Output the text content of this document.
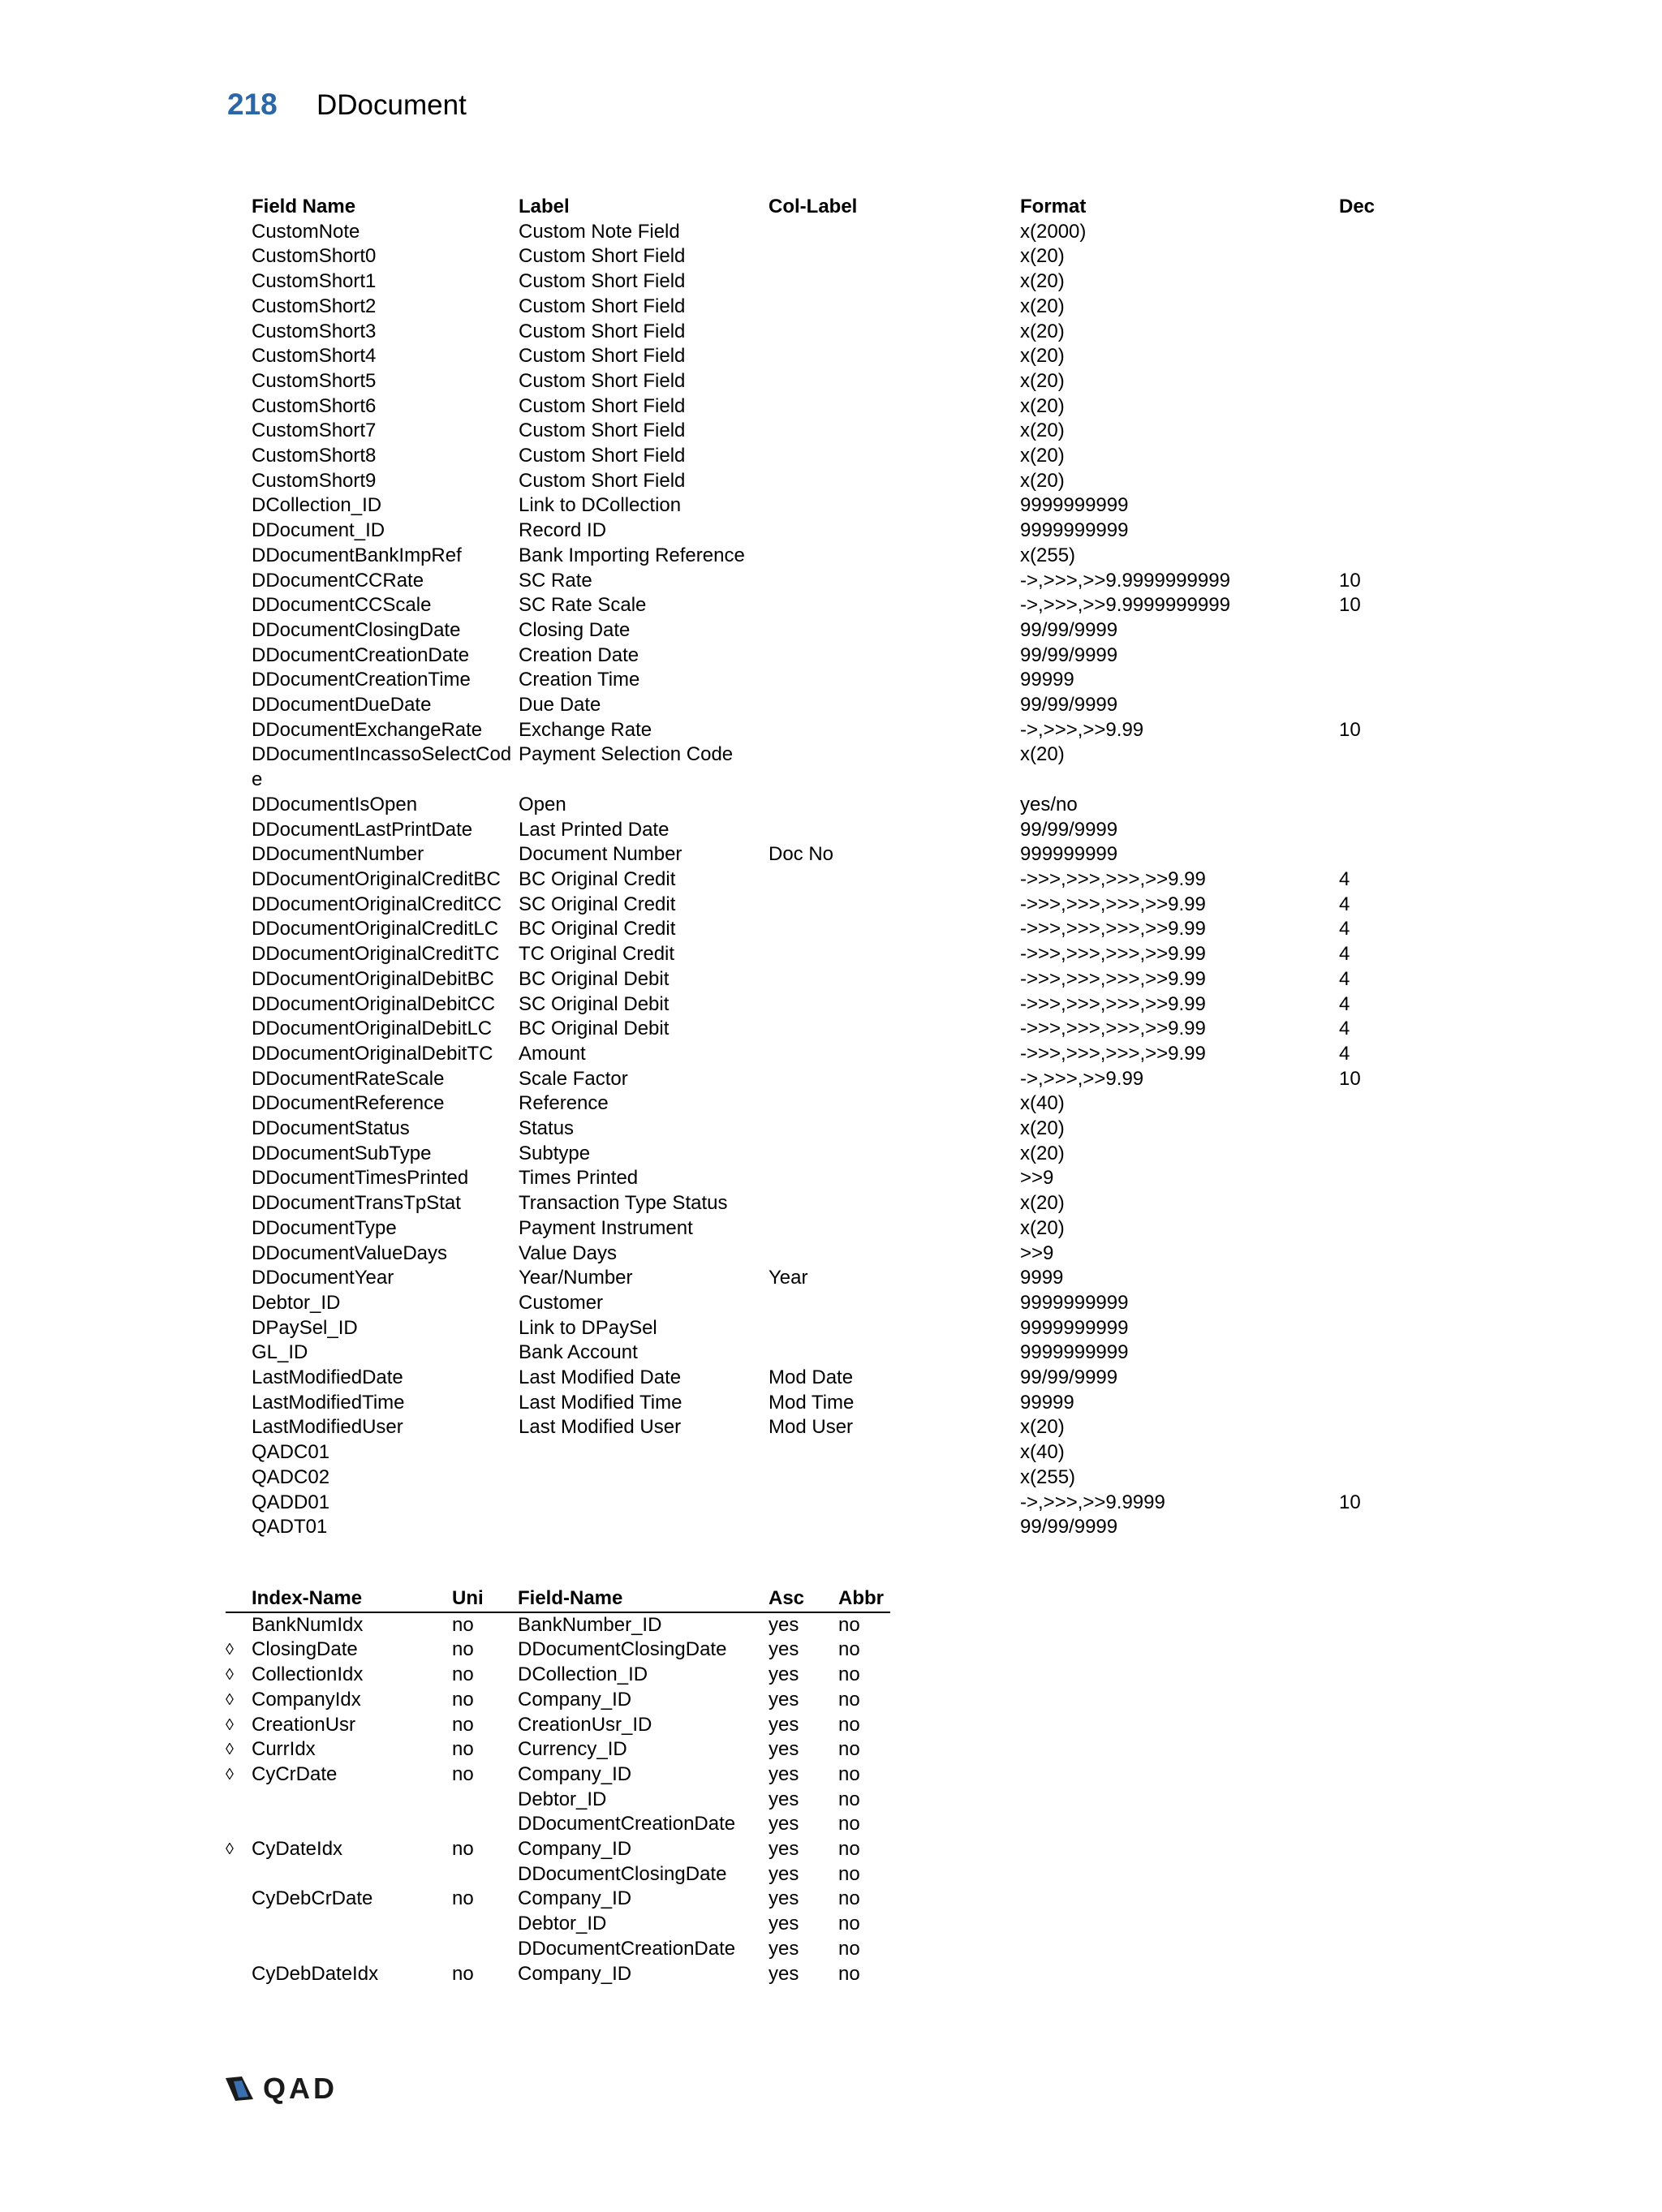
218	DDocument
Field Name	Label	Col-Label	Format	Dec
CustomNote	Custom Note Field		x(2000)	
CustomShort0	Custom Short Field		x(20)	
CustomShort1	Custom Short Field		x(20)	
CustomShort2	Custom Short Field		x(20)	
CustomShort3	Custom Short Field		x(20)	
CustomShort4	Custom Short Field		x(20)	
CustomShort5	Custom Short Field		x(20)	
CustomShort6	Custom Short Field		x(20)	
CustomShort7	Custom Short Field		x(20)	
CustomShort8	Custom Short Field		x(20)	
CustomShort9	Custom Short Field		x(20)	
DCollection_ID	Link to DCollection		9999999999	
DDocument_ID	Record ID		9999999999	
DDocumentBankImpRef	Bank Importing Reference		x(255)	
DDocumentCCRate	SC Rate		->,>>>,>>9.9999999999	10
DDocumentCCScale	SC Rate Scale		->,>>>,>>9.9999999999	10
DDocumentClosingDate	Closing Date		99/99/9999	
DDocumentCreationDate	Creation Date		99/99/9999	
DDocumentCreationTime	Creation Time		99999	
DDocumentDueDate	Due Date		99/99/9999	
DDocumentExchangeRate	Exchange Rate		->,>>>,>>9.99	10
DDocumentIncassoSelectCode	Payment Selection Code		x(20)	
DDocumentIsOpen	Open		yes/no	
DDocumentLastPrintDate	Last Printed Date		99/99/9999	
DDocumentNumber	Document Number	Doc No	999999999	
DDocumentOriginalCreditBC	BC Original Credit		->>>,>>>,>>>,>>9.99	4
DDocumentOriginalCreditCC	SC Original Credit		->>>,>>>,>>>,>>9.99	4
DDocumentOriginalCreditLC	BC Original Credit		->>>,>>>,>>>,>>9.99	4
DDocumentOriginalCreditTC	TC Original Credit		->>>,>>>,>>>,>>9.99	4
DDocumentOriginalDebitBC	BC Original Debit		->>>,>>>,>>>,>>9.99	4
DDocumentOriginalDebitCC	SC Original Debit		->>>,>>>,>>>,>>9.99	4
DDocumentOriginalDebitLC	BC Original Debit		->>>,>>>,>>>,>>9.99	4
DDocumentOriginalDebitTC	Amount		->>>,>>>,>>>,>>9.99	4
DDocumentRateScale	Scale Factor		->,>>>,>>9.99	10
DDocumentReference	Reference		x(40)	
DDocumentStatus	Status		x(20)	
DDocumentSubType	Subtype		x(20)	
DDocumentTimesPrinted	Times Printed		>>9	
DDocumentTransTpStat	Transaction Type Status		x(20)	
DDocumentType	Payment Instrument		x(20)	
DDocumentValueDays	Value Days		>>9	
DDocumentYear	Year/Number	Year	9999	
Debtor_ID	Customer		9999999999	
DPaySel_ID	Link to DPaySel		9999999999	
GL_ID	Bank Account		9999999999	
LastModifiedDate	Last Modified Date	Mod Date	99/99/9999	
LastModifiedTime	Last Modified Time	Mod Time	99999	
LastModifiedUser	Last Modified User	Mod User	x(20)	
QADC01			x(40)	
QADC02			x(255)	
QADD01			->,>>>,>>9.9999	10
QADT01			99/99/9999	
	Index-Name	Uni	Field-Name	Asc	Abbr
	BankNumIdx	no	BankNumber_ID	yes	no
◊	ClosingDate	no	DDocumentClosingDate	yes	no
◊	CollectionIdx	no	DCollection_ID	yes	no
◊	CompanyIdx	no	Company_ID	yes	no
◊	CreationUsr	no	CreationUsr_ID	yes	no
◊	CurrIdx	no	Currency_ID	yes	no
◊	CyCrDate	no	Company_ID	yes	no
			Debtor_ID	yes	no
			DDocumentCreationDate	yes	no
◊	CyDateIdx	no	Company_ID	yes	no
			DDocumentClosingDate	yes	no
	CyDebCrDate	no	Company_ID	yes	no
			Debtor_ID	yes	no
			DDocumentCreationDate	yes	no
	CyDebDateIdx	no	Company_ID	yes	no
QAD
